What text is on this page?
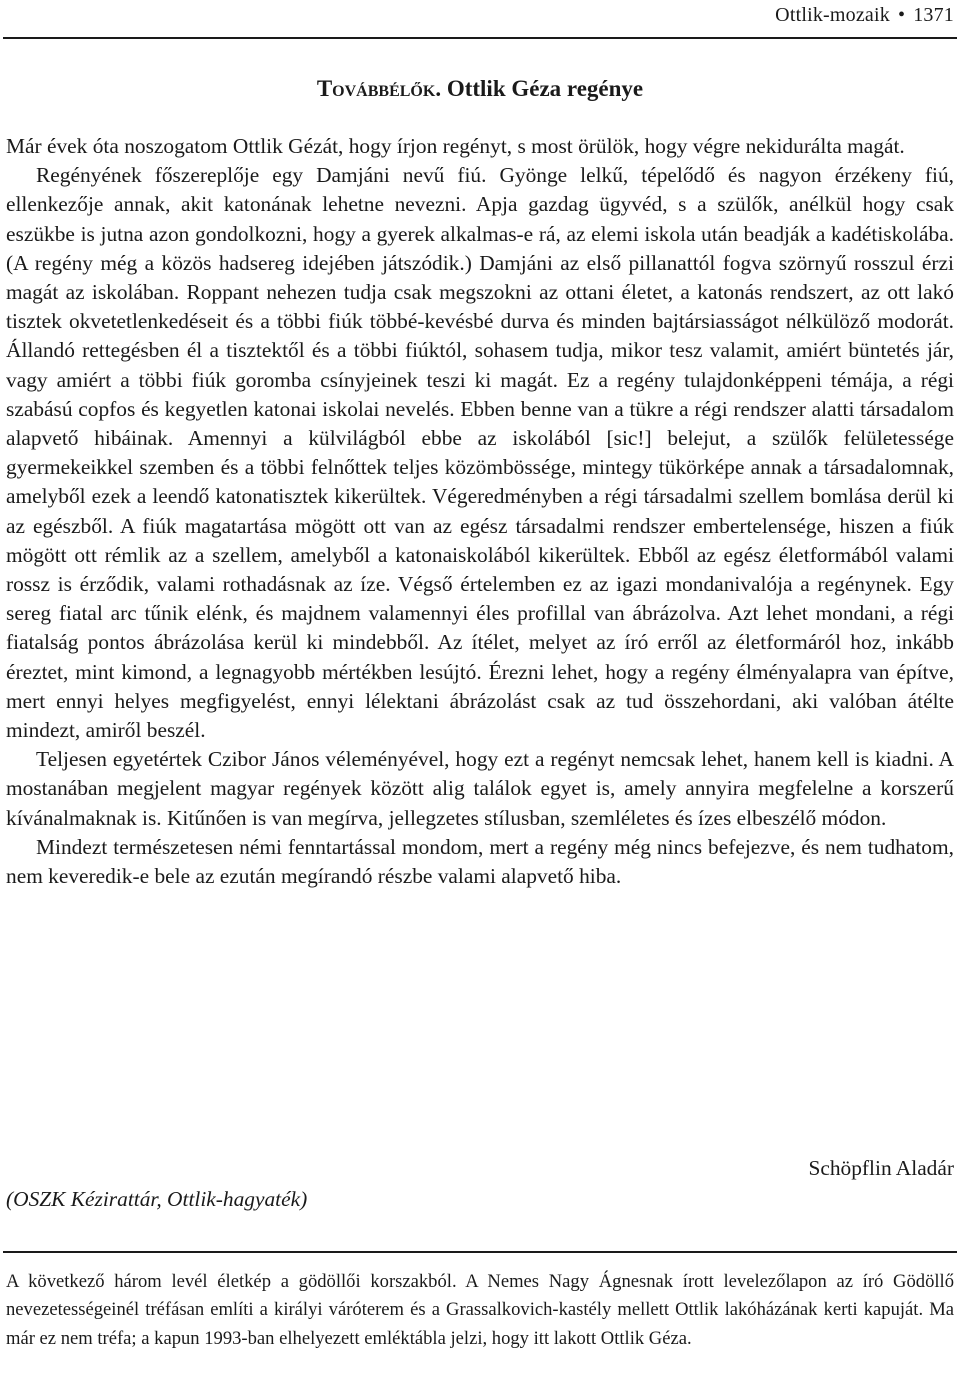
Ottlik-mozaik • 1371
Továbbélők. Ottlik Géza regénye

Már évek óta noszogatom Ottlik Gézát, hogy írjon regényt, s most örülök, hogy végre nekidurálta magát.

Regényének főszereplője egy Damjáni nevű fiú. Gyönge lelkű, tépelődő és nagyon érzékeny fiú, ellenkezője annak, akit katonának lehetne nevezni. Apja gazdag ügyvéd, s a szülők, anélkül hogy csak eszükbe is jutna azon gondolkozni, hogy a gyerek alkalmas-e rá, az elemi iskola után beadják a kadétiskolába. (A regény még a közös hadsereg idejében játszódik.) Damjáni az első pillanattól fogva szörnyű rosszul érzi magát az iskolában. Roppant nehezen tudja csak megszokni az ottani életet, a katonás rendszert, az ott lakó tisztek okvetetlenkedéseit és a többi fiúk többé-kevésbé durva és minden bajtársiasságot nélkülöző modorát. Állandó rettegésben él a tisztektől és a többi fiúktól, sohasem tudja, mikor tesz valamit, amiért büntetés jár, vagy amiért a többi fiúk goromba csínyjeinek teszi ki magát. Ez a regény tulajdonképpeni témája, a régi szabású copfos és kegyetlen katonai iskolai nevelés. Ebben benne van a tükre a régi rendszer alatti társadalom alapvető hibáinak. Amennyi a külvilágból ebbe az iskolából [sic!] belejut, a szülők felületessége gyermekeikkel szemben és a többi felnőttek teljes közömbössége, mintegy tükörképe annak a társadalomnak, amelyből ezek a leendő katonatisztek kikerültek. Végeredményben a régi társadalmi szellem bomlása derül ki az egészből. A fiúk magatartása mögött ott van az egész társadalmi rendszer embertelensége, hiszen a fiúk mögött ott rémlik az a szellem, amelyből a katonaiskolából kikerültek. Ebből az egész életformából valami rossz is érződik, valami rothadásnak az íze. Végső értelemben ez az igazi mondanivalója a regénynek. Egy sereg fiatal arc tűnik elénk, és majdnem valamennyi éles profillal van ábrázolva. Azt lehet mondani, a régi fiatalság pontos ábrázolása kerül ki mindebből. Az ítélet, melyet az író erről az életformáról hoz, inkább éreztet, mint kimond, a legnagyobb mértékben lesújtó. Érezni lehet, hogy a regény élményalapra van építve, mert ennyi helyes megfigyelést, ennyi lélektani ábrázolást csak az tud összehordani, aki valóban átélte mindezt, amiről beszél.

Teljesen egyetértek Czibor János véleményével, hogy ezt a regényt nemcsak lehet, hanem kell is kiadni. A mostanában megjelent magyar regények között alig találok egyet is, amely annyira megfelelne a korszerű kívánalmaknak is. Kitűnően is van megírva, jellegzetes stílusban, szemléletes és ízes elbeszélő módon.

Mindezt természetesen némi fenntartással mondom, mert a regény még nincs befejezve, és nem tudhatom, nem keveredik-e bele az ezután megírandó részbe valami alapvető hiba.

Schöpflin Aladár
(OSZK Kézirattár, Ottlik-hagyaték)

A következő három levél életkép a gödöllői korszakból. A Nemes Nagy Ágnesnak írott levelezőlapon az író Gödöllő nevezetességeinél tréfásan említi a királyi váróterem és a Grassalkovich-kastély mellett Ottlik lakóházának kerti kapuját. Ma már ez nem tréfa; a kapun 1993-ban elhelyezett emléktábla jelzi, hogy itt lakott Ottlik Géza.
